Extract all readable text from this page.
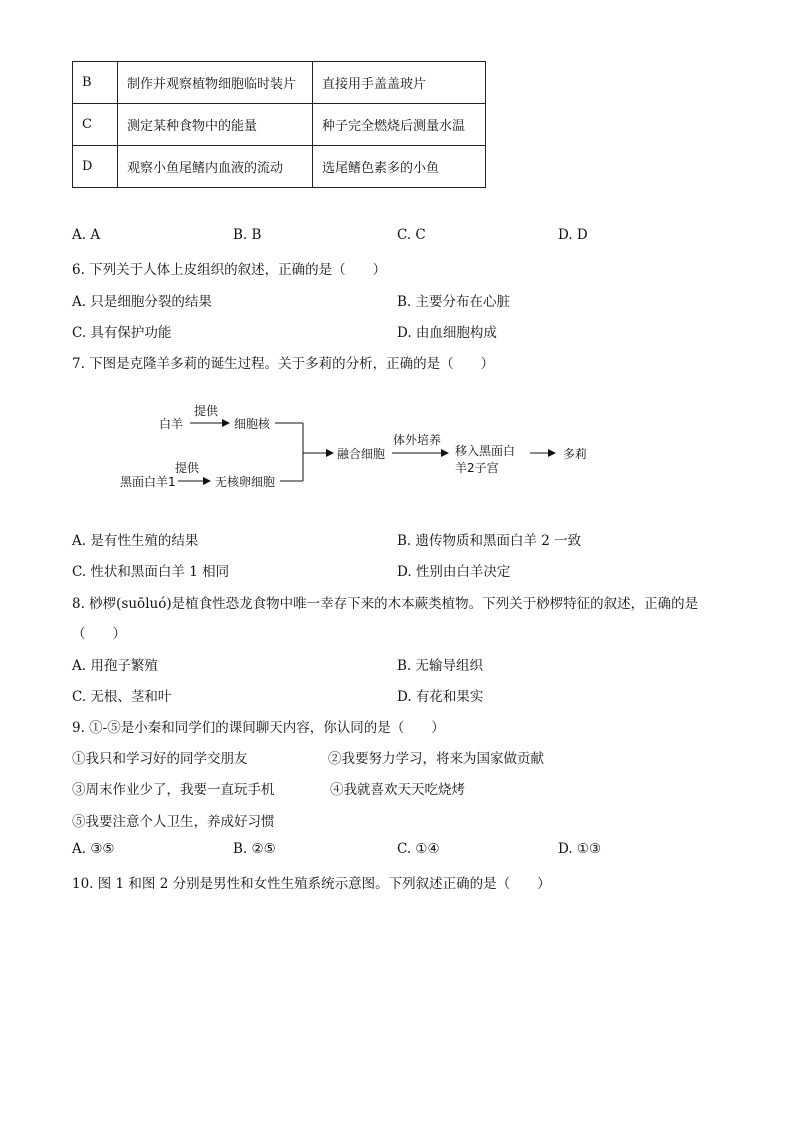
B	制作并观察植物细胞临时装片	直接用手盖盖玻片
C	测定某种食物中的能量	种子完全燃烧后测量水温
D	观察小鱼尾鳍内血液的流动	选尾鳍色素多的小鱼
A. A	B. B	C. C	D. D
6. 下列关于人体上皮组织的叙述，正确的是（　　）
A. 只是细胞分裂的结果	B. 主要分布在心脏
C. 具有保护功能	D. 由血细胞构成
7. 下图是克隆羊多莉的诞生过程。关于多莉的分析，正确的是（　　）
白羊
提供
细胞核
黑面白羊1
提供
无核卵细胞
融合细胞
体外培养
移入黑面白
羊2子宫
多莉
A. 是有性生殖的结果	B. 遗传物质和黑面白羊 2 一致
C. 性状和黑面白羊 1 相同	D. 性别由白羊决定
8. 桫椤(suōluó)是植食性恐龙食物中唯一幸存下来的木本蕨类植物。下列关于桫椤特征的叙述，正确的是
（　　）
A. 用孢子繁殖	B. 无输导组织
C. 无根、茎和叶	D. 有花和果实
9. ①-⑤是小秦和同学们的课间聊天内容，你认同的是（　　）
①我只和学习好的同学交朋友	②我要努力学习，将来为国家做贡献
③周末作业少了，我要一直玩手机	④我就喜欢天天吃烧烤
⑤我要注意个人卫生，养成好习惯
A. ③⑤	B. ②⑤	C. ①④	D. ①③
10. 图 1 和图 2 分别是男性和女性生殖系统示意图。下列叙述正确的是（　　）
